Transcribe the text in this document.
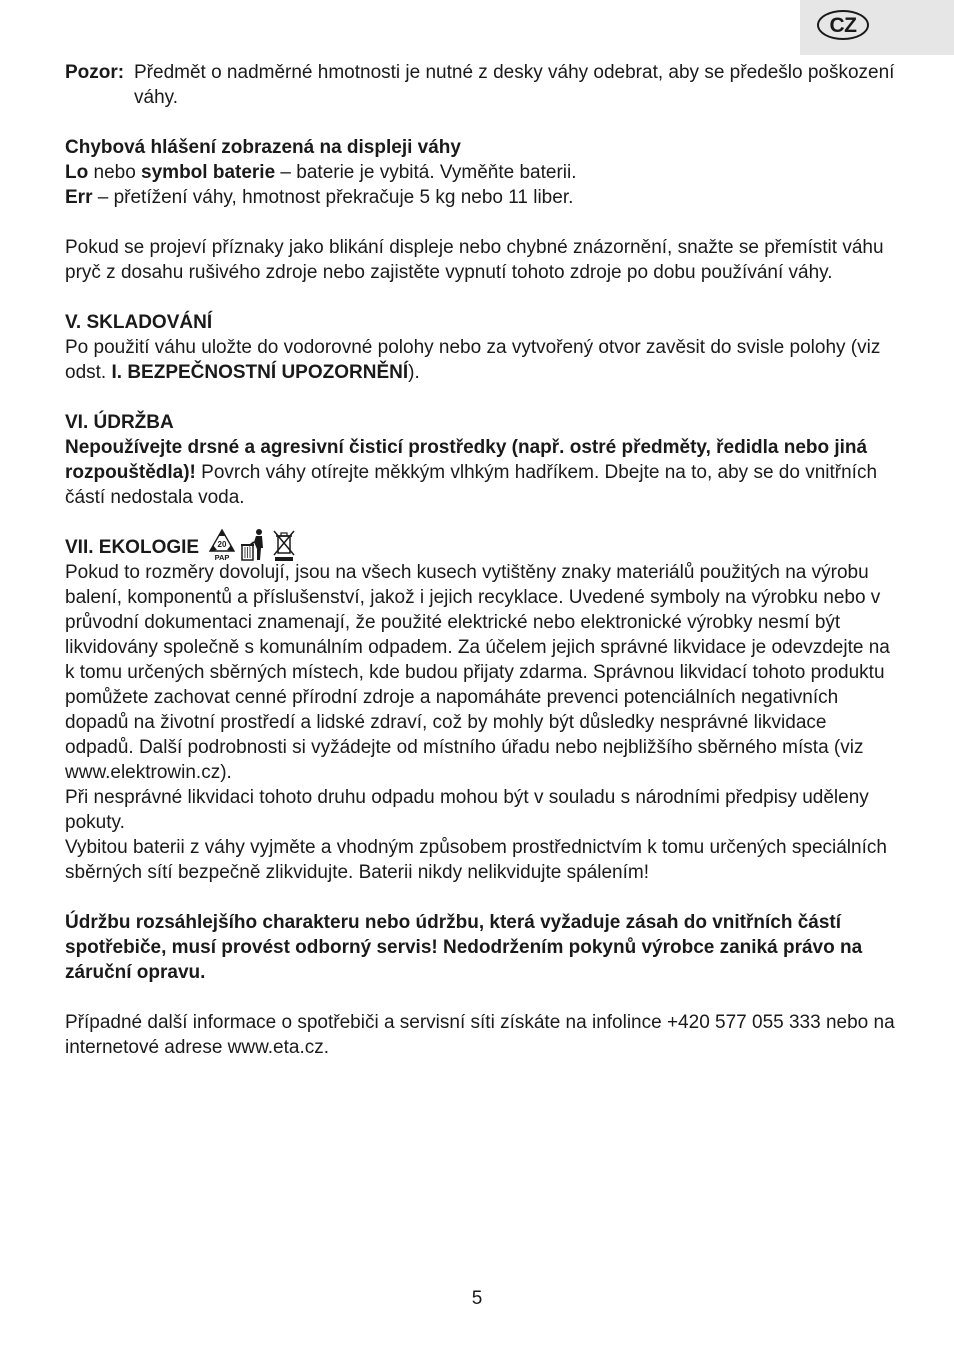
CZ
Pozor: Předmět o nadměrné hmotnosti je nutné z desky váhy odebrat, aby se předešlo poškození váhy.

Chybová hlášení zobrazená na displeji váhy

Lo nebo symbol baterie – baterie je vybitá. Vyměňte baterii.

Err – přetížení váhy, hmotnost překračuje 5 kg nebo 11 liber.

Pokud se projeví příznaky jako blikání displeje nebo chybné znázornění, snažte se přemístit váhu pryč z dosahu rušivého zdroje nebo zajistěte vypnutí tohoto zdroje po dobu používání váhy.

V. SKLADOVÁNÍ

Po použití váhu uložte do vodorovné polohy nebo za vytvořený otvor zavěsit do svisle polohy (viz odst. I. BEZPEČNOSTNÍ UPOZORNĚNÍ).

VI. ÚDRŽBA

Nepoužívejte drsné a agresivní čisticí prostředky (např. ostré předměty, ředidla nebo jiná rozpouštědla)! Povrch váhy otírejte měkkým vlhkým hadříkem. Dbejte na to, aby se do vnitřních částí nedostala voda.

VII. EKOLOGIE 20
PAP

Pokud to rozměry dovolují, jsou na všech kusech vytištěny znaky materiálů použitých na výrobu balení, komponentů a příslušenství, jakož i jejich recyklace. Uvedené symboly na výrobku nebo v průvodní dokumentaci znamenají, že použité elektrické nebo elektronické výrobky nesmí být likvidovány společně s komunálním odpadem. Za účelem jejich správné likvidace je odevzdejte na k tomu určených sběrných místech, kde budou přijaty zdarma. Správnou likvidací tohoto produktu pomůžete zachovat cenné přírodní zdroje a napomáháte prevenci potenciálních negativních dopadů na životní prostředí a lidské zdraví, což by mohly být důsledky nesprávné likvidace odpadů. Další podrobnosti si vyžádejte od místního úřadu nebo nejbližšího sběrného místa (viz www.elektrowin.cz).

Při nesprávné likvidaci tohoto druhu odpadu mohou být v souladu s národními předpisy uděleny pokuty.

Vybitou baterii z váhy vyjměte a vhodným způsobem prostřednictvím k tomu určených speciálních sběrných sítí bezpečně zlikvidujte. Baterii nikdy nelikvidujte spálením!

Údržbu rozsáhlejšího charakteru nebo údržbu, která vyžaduje zásah do vnitřních částí spotřebiče, musí provést odborný servis! Nedodržením pokynů výrobce zaniká právo na záruční opravu.

Případné další informace o spotřebiči a servisní síti získáte na infolince +420 577 055 333 nebo na internetové adrese www.eta.cz.

5
